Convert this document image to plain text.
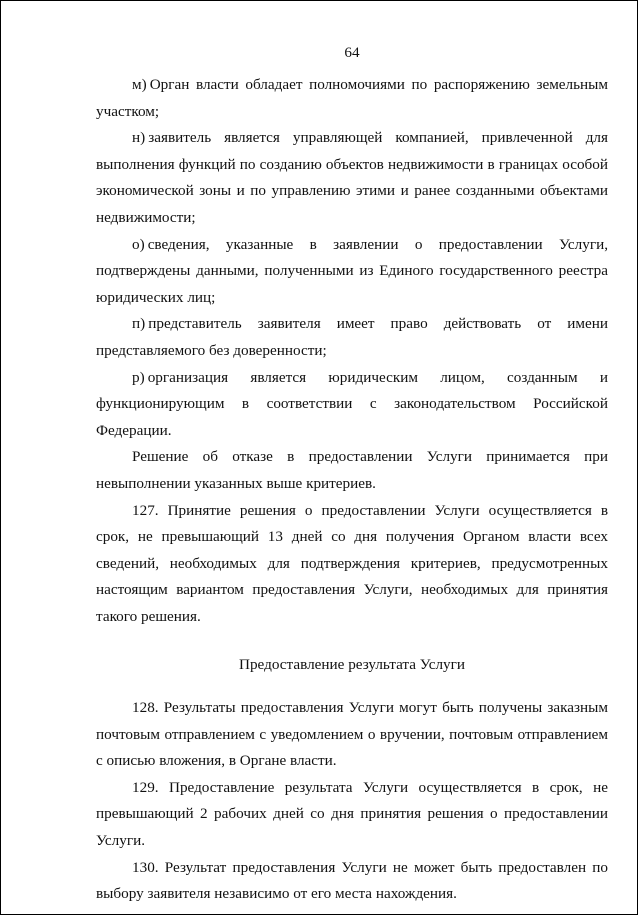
64

м) Орган власти обладает полномочиями по распоряжению земельным участком;

н) заявитель является управляющей компанией, привлеченной для выполнения функций по созданию объектов недвижимости в границах особой экономической зоны и по управлению этими и ранее созданными объектами недвижимости;

о) сведения, указанные в заявлении о предоставлении Услуги, подтверждены данными, полученными из Единого государственного реестра юридических лиц;

п) представитель заявителя имеет право действовать от имени представляемого без доверенности;

р) организация является юридическим лицом, созданным и функционирующим в соответствии с законодательством Российской Федерации.

Решение об отказе в предоставлении Услуги принимается при невыполнении указанных выше критериев.

127. Принятие решения о предоставлении Услуги осуществляется в срок, не превышающий 13 дней со дня получения Органом власти всех сведений, необходимых для подтверждения критериев, предусмотренных настоящим вариантом предоставления Услуги, необходимых для принятия такого решения.

Предоставление результата Услуги

128. Результаты предоставления Услуги могут быть получены заказным почтовым отправлением с уведомлением о вручении, почтовым отправлением с описью вложения, в Органе власти.

129. Предоставление результата Услуги осуществляется в срок, не превышающий 2 рабочих дней со дня принятия решения о предоставлении Услуги.

130. Результат предоставления Услуги не может быть предоставлен по выбору заявителя независимо от его места нахождения.
